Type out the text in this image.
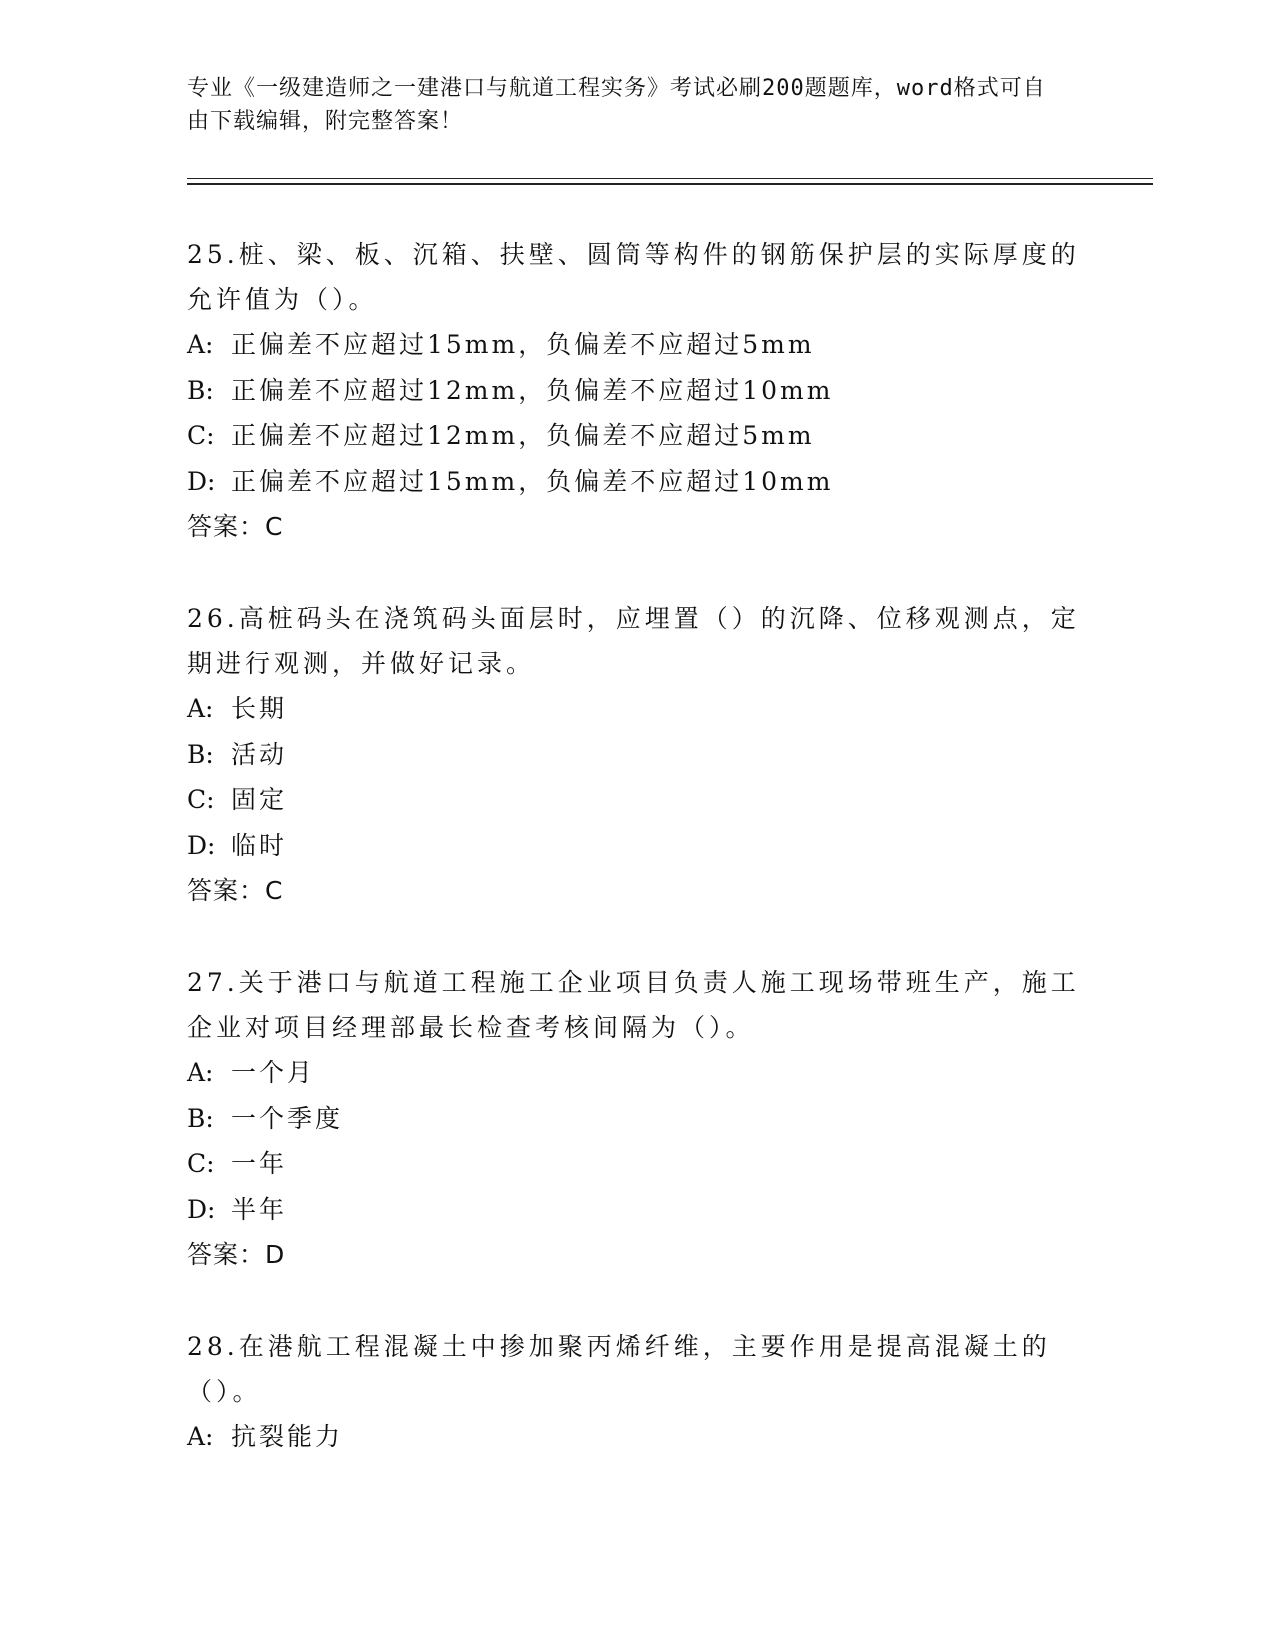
专业《一级建造师之一建港口与航道工程实务》考试必刷200题题库，word格式可自由下载编辑，附完整答案！

25.桩、梁、板、沉箱、扶壁、圆筒等构件的钢筋保护层的实际厚度的允许值为（）。

A: 正偏差不应超过15mm，负偏差不应超过5mm

B: 正偏差不应超过12mm，负偏差不应超过10mm

C: 正偏差不应超过12mm，负偏差不应超过5mm

D: 正偏差不应超过15mm，负偏差不应超过10mm

答案：C

26.高桩码头在浇筑码头面层时，应埋置（）的沉降、位移观测点，定期进行观测，并做好记录。

A: 长期

B: 活动

C: 固定

D: 临时

答案：C

27.关于港口与航道工程施工企业项目负责人施工现场带班生产，施工企业对项目经理部最长检查考核间隔为（）。

A: 一个月

B: 一个季度

C: 一年

D: 半年

答案：D

28.在港航工程混凝土中掺加聚丙烯纤维，主要作用是提高混凝土的（）。

A: 抗裂能力
